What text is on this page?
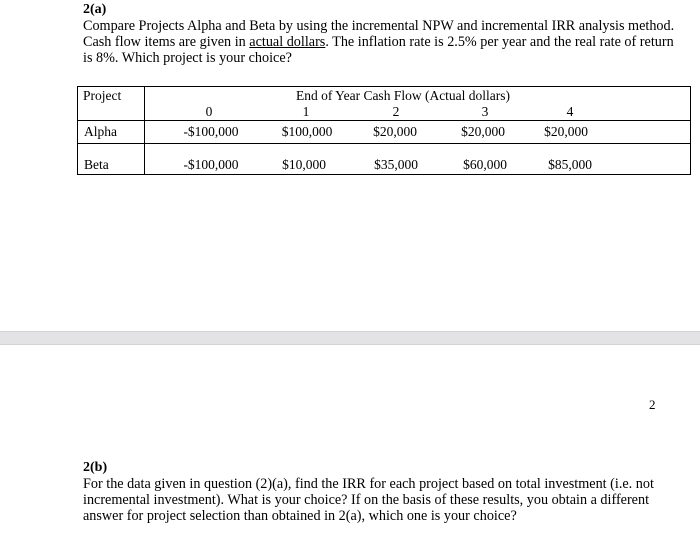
2(a)
Compare Projects Alpha and Beta by using the incremental NPW and incremental IRR analysis method. Cash flow items are given in actual dollars. The inflation rate is 2.5% per year and the real rate of return is 8%. Which project is your choice?
Project	End of Year Cash Flow (Actual dollars)
0	1	2	3	4
Alpha	-$100,000	$100,000	$20,000	$20,000	$20,000
Beta	-$100,000	$10,000	$35,000	$60,000	$85,000
2
2(b)
For the data given in question (2)(a), find the IRR for each project based on total investment (i.e. not incremental investment). What is your choice? If on the basis of these results, you obtain a different answer for project selection than obtained in 2(a), which one is your choice?
